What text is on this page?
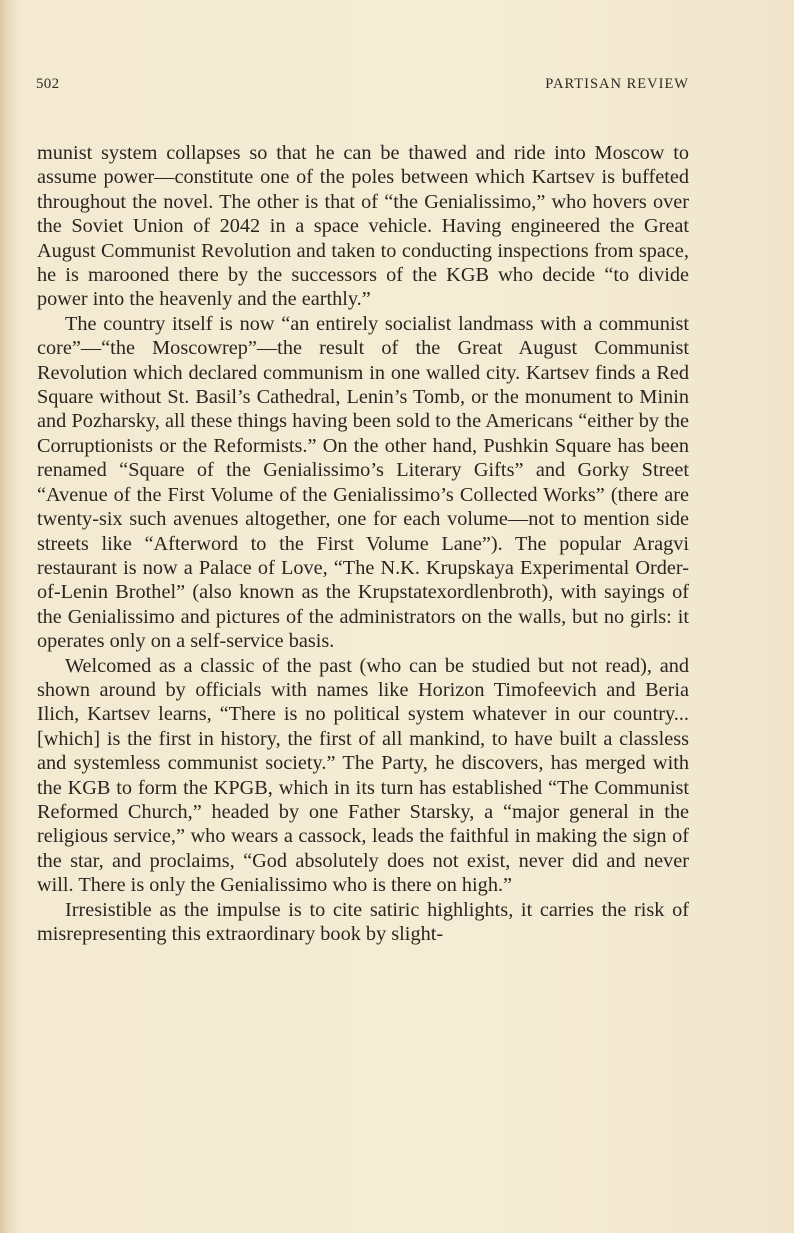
502	PARTISAN REVIEW

munist system collapses so that he can be thawed and ride into Moscow to assume power—constitute one of the poles between which Kartsev is buffeted throughout the novel. The other is that of “the Genialissimo,” who hovers over the Soviet Union of 2042 in a space vehicle. Having engineered the Great August Communist Revolution and taken to conducting inspections from space, he is marooned there by the successors of the KGB who decide “to divide power into the heavenly and the earthly.”

The country itself is now “an entirely socialist landmass with a communist core”—“the Moscowrep”—the result of the Great August Communist Revolution which declared communism in one walled city. Kartsev finds a Red Square without St. Basil’s Cathedral, Lenin’s Tomb, or the monument to Minin and Pozharsky, all these things having been sold to the Americans “either by the Corruptionists or the Reformists.” On the other hand, Pushkin Square has been renamed “Square of the Genialissimo’s Literary Gifts” and Gorky Street “Avenue of the First Volume of the Genialissimo’s Collected Works” (there are twenty-six such avenues altogether, one for each volume—not to mention side streets like “Afterword to the First Volume Lane”). The popular Aragvi restaurant is now a Palace of Love, “The N.K. Krupskaya Experimental Order-of-Lenin Brothel” (also known as the Krupstatexordlenbroth), with sayings of the Genialissimo and pictures of the administrators on the walls, but no girls: it operates only on a self-service basis.

Welcomed as a classic of the past (who can be studied but not read), and shown around by officials with names like Horizon Timofeevich and Beria Ilich, Kartsev learns, “There is no political system whatever in our country...[which] is the first in history, the first of all mankind, to have built a classless and systemless communist society.” The Party, he discovers, has merged with the KGB to form the KPGB, which in its turn has established “The Communist Reformed Church,” headed by one Father Starsky, a “major general in the religious service,” who wears a cassock, leads the faithful in making the sign of the star, and proclaims, “God absolutely does not exist, never did and never will. There is only the Genialissimo who is there on high.”

Irresistible as the impulse is to cite satiric highlights, it carries the risk of misrepresenting this extraordinary book by slight-
